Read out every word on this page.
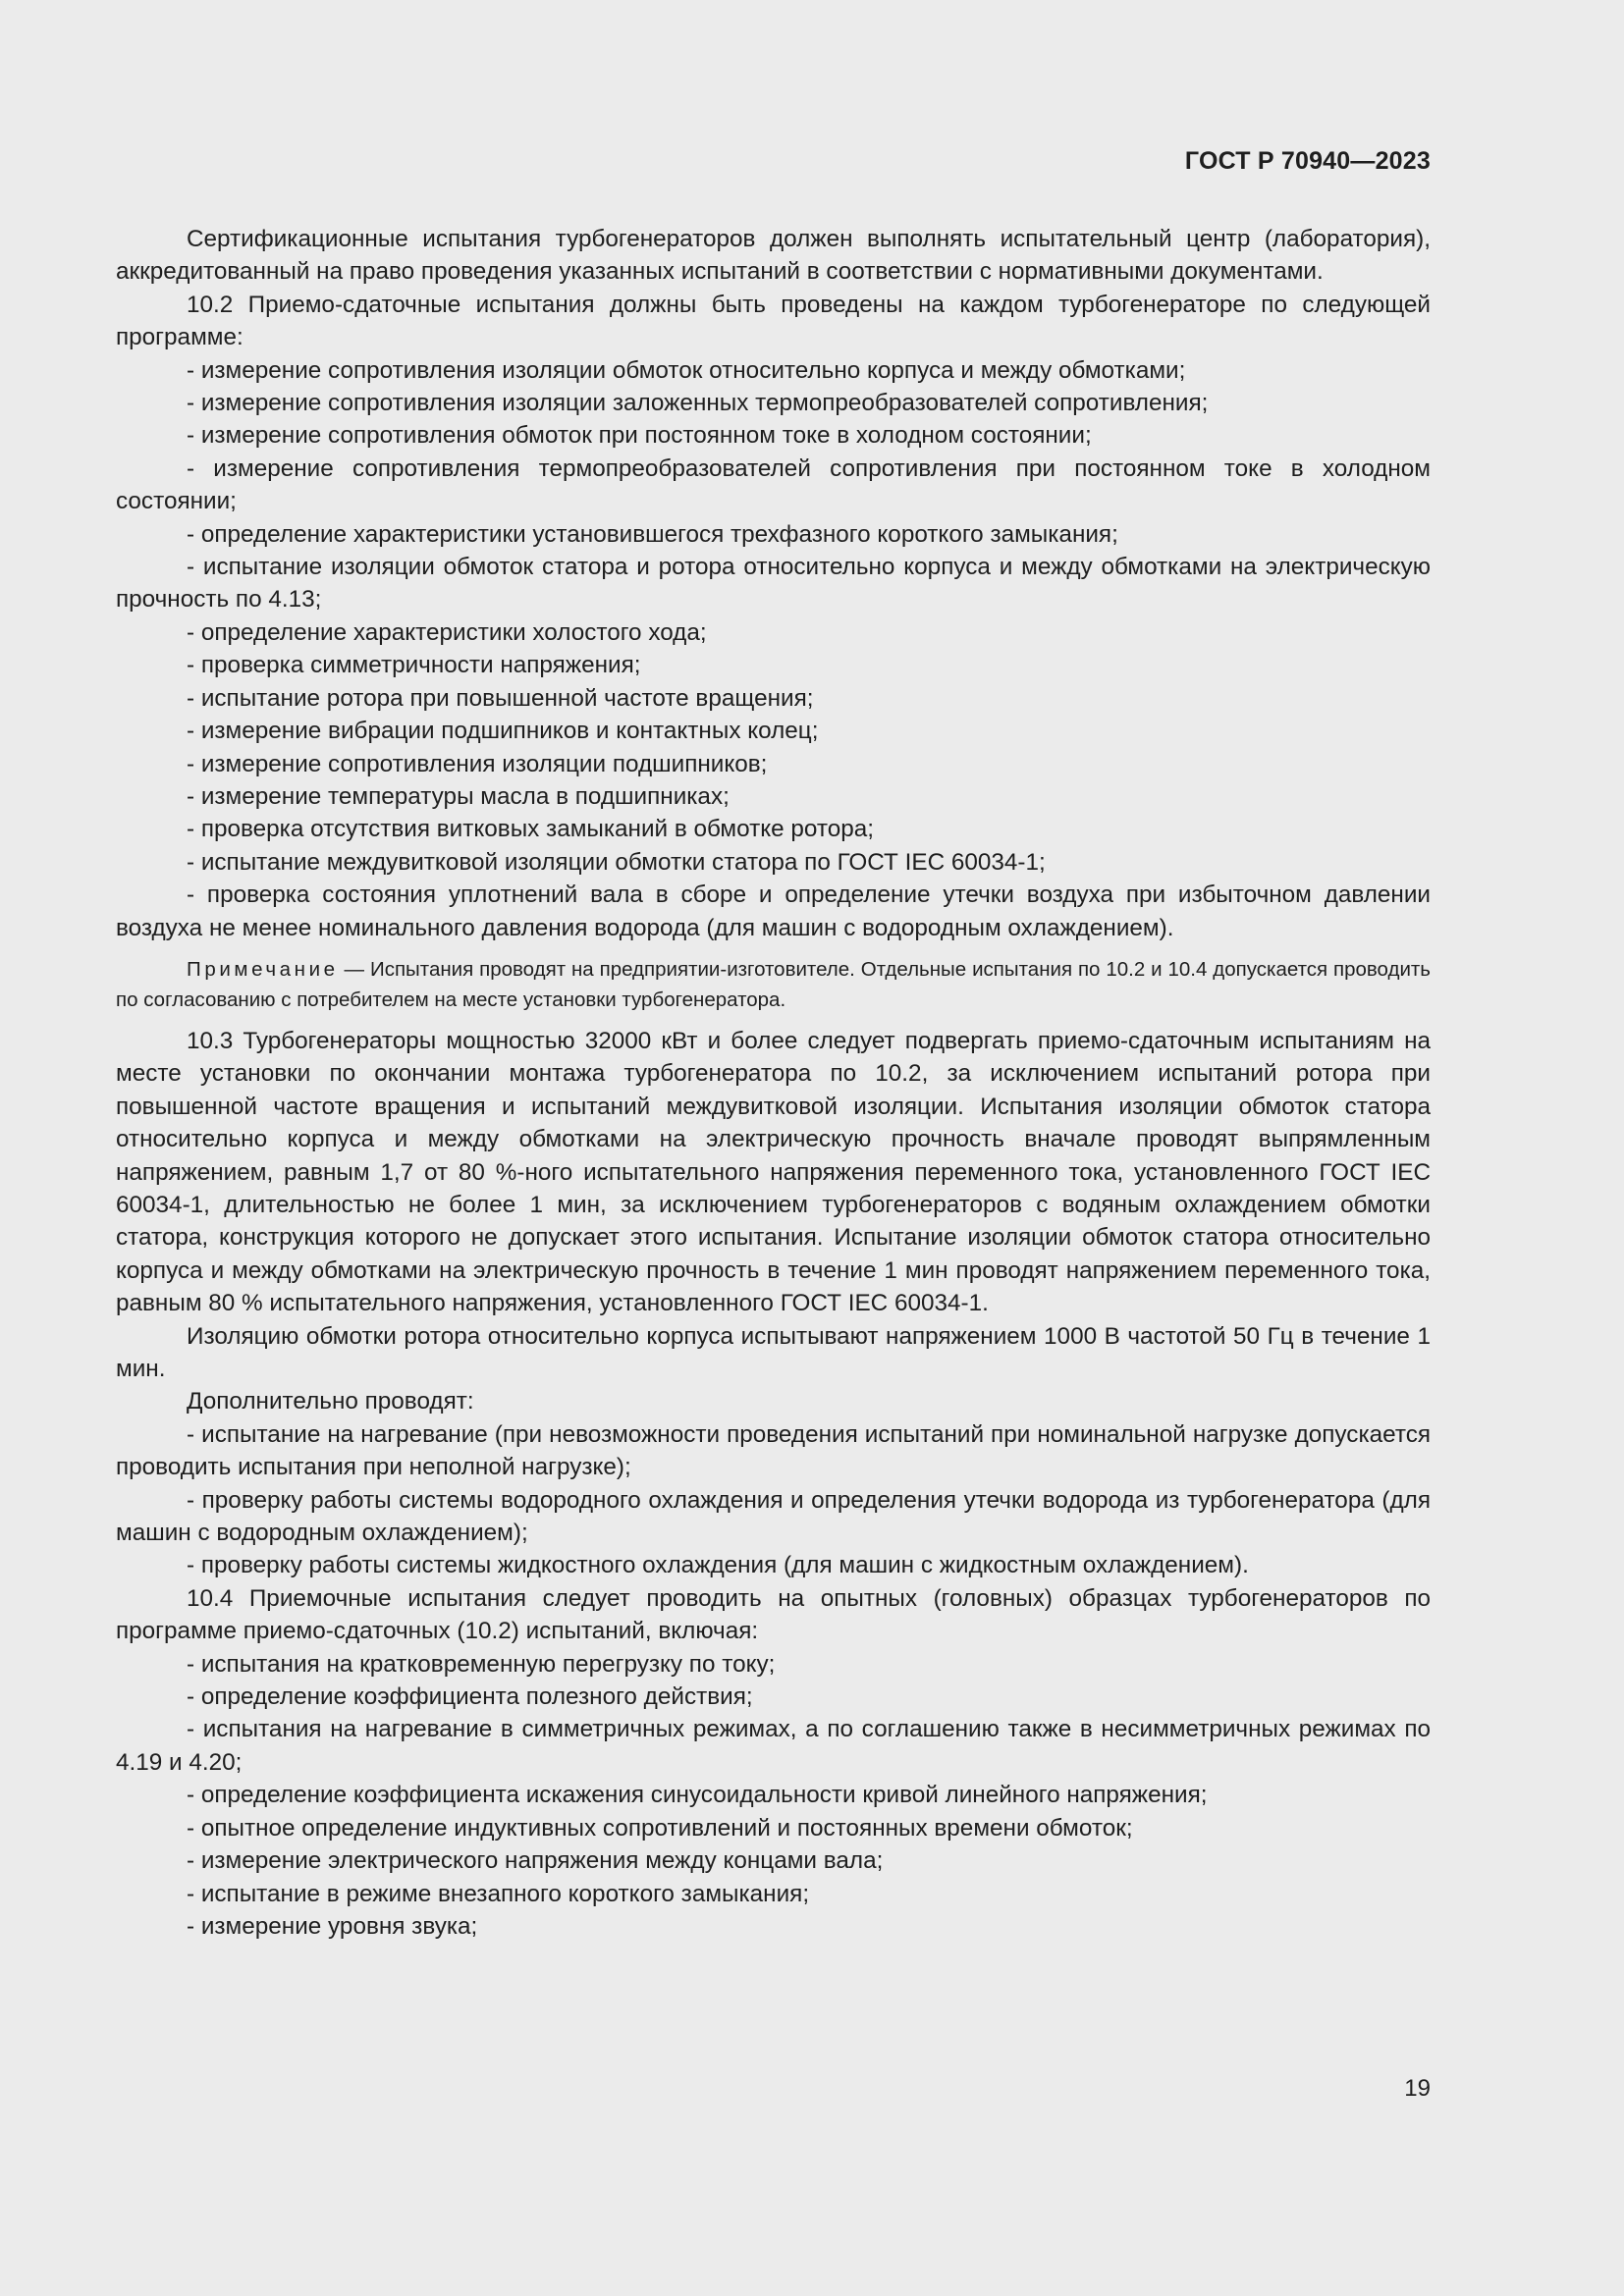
ГОСТ Р 70940—2023

Сертификационные испытания турбогенераторов должен выполнять испытательный центр (лаборатория), аккредитованный на право проведения указанных испытаний в соответствии с нормативными документами.

10.2 Приемо-сдаточные испытания должны быть проведены на каждом турбогенераторе по следующей программе:

- измерение сопротивления изоляции обмоток относительно корпуса и между обмотками;

- измерение сопротивления изоляции заложенных термопреобразователей сопротивления;

- измерение сопротивления обмоток при постоянном токе в холодном состоянии;

- измерение сопротивления термопреобразователей сопротивления при постоянном токе в холодном состоянии;

- определение характеристики установившегося трехфазного короткого замыкания;

- испытание изоляции обмоток статора и ротора относительно корпуса и между обмотками на электрическую прочность по 4.13;

- определение характеристики холостого хода;

- проверка симметричности напряжения;

- испытание ротора при повышенной частоте вращения;

- измерение вибрации подшипников и контактных колец;

- измерение сопротивления изоляции подшипников;

- измерение температуры масла в подшипниках;

- проверка отсутствия витковых замыканий в обмотке ротора;

- испытание междувитковой изоляции обмотки статора по ГОСТ IEC 60034-1;

- проверка состояния уплотнений вала в сборе и определение утечки воздуха при избыточном давлении воздуха не менее номинального давления водорода (для машин с водородным охлаждением).

Примечание — Испытания проводят на предприятии-изготовителе. Отдельные испытания по 10.2 и 10.4 допускается проводить по согласованию с потребителем на месте установки турбогенератора.

10.3 Турбогенераторы мощностью 32000 кВт и более следует подвергать приемо-сдаточным испытаниям на месте установки по окончании монтажа турбогенератора по 10.2, за исключением испытаний ротора при повышенной частоте вращения и испытаний междувитковой изоляции. Испытания изоляции обмоток статора относительно корпуса и между обмотками на электрическую прочность вначале проводят выпрямленным напряжением, равным 1,7 от 80 %-ного испытательного напряжения переменного тока, установленного ГОСТ IEC 60034-1, длительностью не более 1 мин, за исключением турбогенераторов с водяным охлаждением обмотки статора, конструкция которого не допускает этого испытания. Испытание изоляции обмоток статора относительно корпуса и между обмотками на электрическую прочность в течение 1 мин проводят напряжением переменного тока, равным 80 % испытательного напряжения, установленного ГОСТ IEC 60034-1.

Изоляцию обмотки ротора относительно корпуса испытывают напряжением 1000 В частотой 50 Гц в течение 1 мин.

Дополнительно проводят:

- испытание на нагревание (при невозможности проведения испытаний при номинальной нагрузке допускается проводить испытания при неполной нагрузке);

- проверку работы системы водородного охлаждения и определения утечки водорода из турбогенератора (для машин с водородным охлаждением);

- проверку работы системы жидкостного охлаждения (для машин с жидкостным охлаждением).

10.4 Приемочные испытания следует проводить на опытных (головных) образцах турбогенераторов по программе приемо-сдаточных (10.2) испытаний, включая:

- испытания на кратковременную перегрузку по току;

- определение коэффициента полезного действия;

- испытания на нагревание в симметричных режимах, а по соглашению также в несимметричных режимах по 4.19 и 4.20;

- определение коэффициента искажения синусоидальности кривой линейного напряжения;

- опытное определение индуктивных сопротивлений и постоянных времени обмоток;

- измерение электрического напряжения между концами вала;

- испытание в режиме внезапного короткого замыкания;

- измерение уровня звука;

19
